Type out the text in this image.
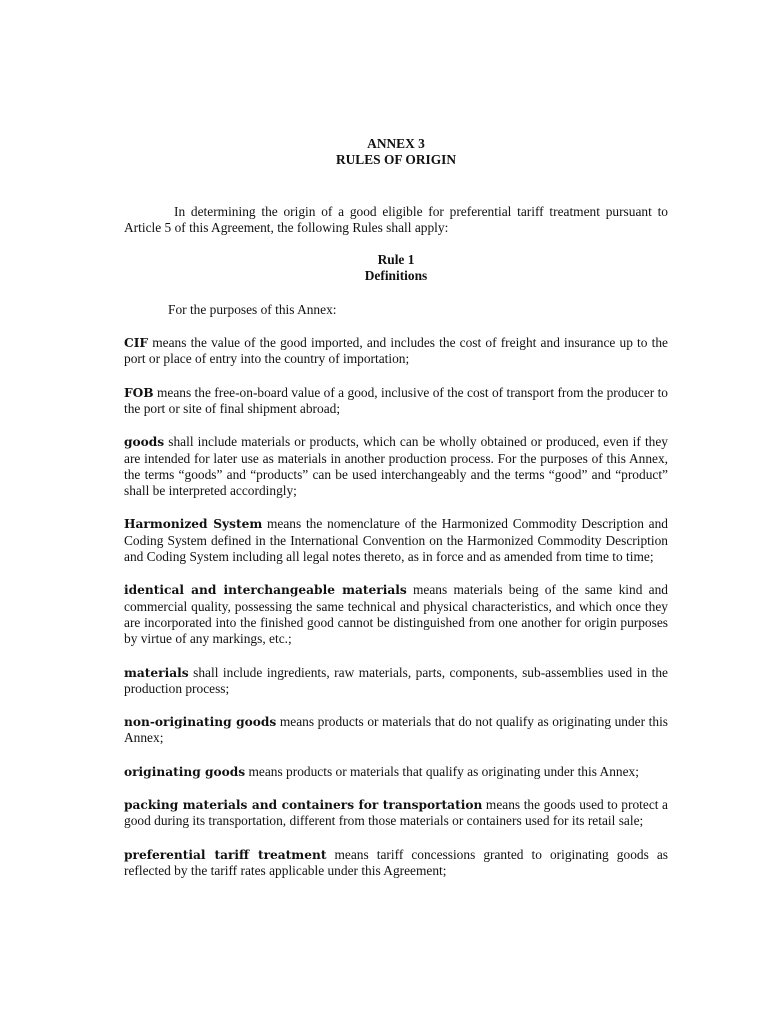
ANNEX 3

RULES OF ORIGIN

In determining the origin of a good eligible for preferential tariff treatment pursuant to Article 5 of this Agreement, the following Rules shall apply:

Rule 1

Definitions

For the purposes of this Annex:

CIF means the value of the good imported, and includes the cost of freight and insurance up to the port or place of entry into the country of importation;

FOB means the free-on-board value of a good, inclusive of the cost of transport from the producer to the port or site of final shipment abroad;

goods shall include materials or products, which can be wholly obtained or produced, even if they are intended for later use as materials in another production process. For the purposes of this Annex, the terms “goods” and “products” can be used interchangeably and the terms “good” and “product” shall be interpreted accordingly;

Harmonized System means the nomenclature of the Harmonized Commodity Description and Coding System defined in the International Convention on the Harmonized Commodity Description and Coding System including all legal notes thereto, as in force and as amended from time to time;

identical and interchangeable materials means materials being of the same kind and commercial quality, possessing the same technical and physical characteristics, and which once they are incorporated into the finished good cannot be distinguished from one another for origin purposes by virtue of any markings, etc.;

materials shall include ingredients, raw materials, parts, components, sub-assemblies used in the production process;

non-originating goods means products or materials that do not qualify as originating under this Annex;

originating goods means products or materials that qualify as originating under this Annex;

packing materials and containers for transportation means the goods used to protect a good during its transportation, different from those materials or containers used for its retail sale;

preferential tariff treatment means tariff concessions granted to originating goods as reflected by the tariff rates applicable under this Agreement;
